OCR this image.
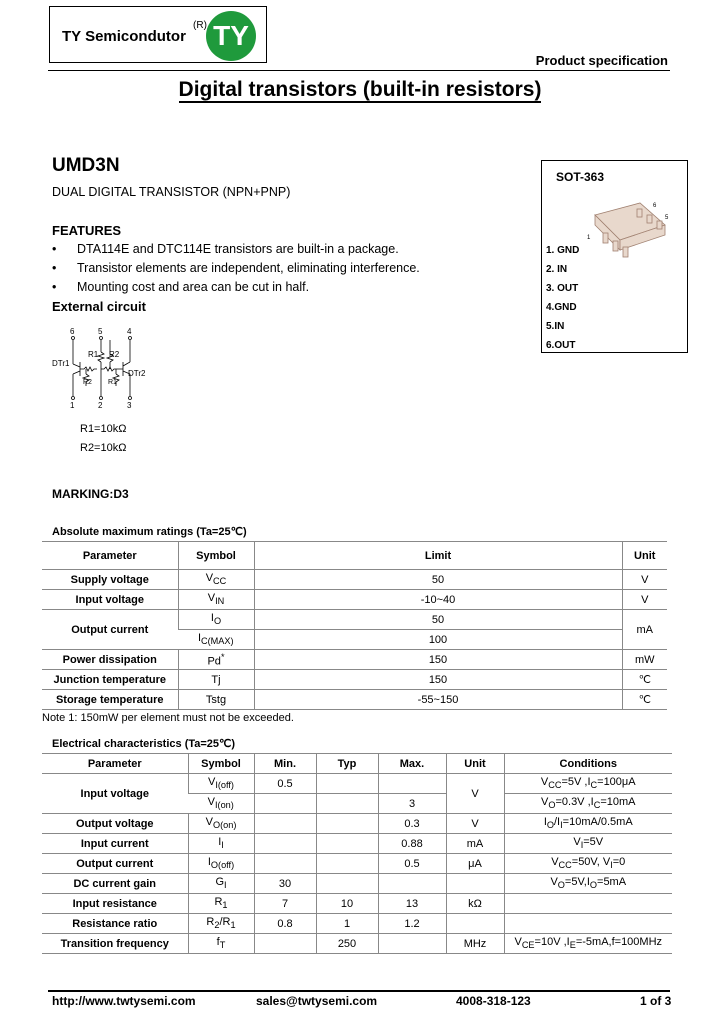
TY Semicondutor
(R) TY
Product specification
Digital transistors (built-in resistors)
UMD3N
DUAL DIGITAL TRANSISTOR (NPN+PNP)
FEATURES
• DTA114E and DTC114E transistors are built-in a package.
• Transistor elements are independent, eliminating interference.
• Mounting cost and area can be cut in half.
External circuit
6	5	4
1	2	3
DTr1
DTr2
R1 R2
R2 R1
R1=10kΩ
R2=10kΩ
SOT-363
6
5
1
1. GND
2. IN
3. OUT
4.GND
5.IN
6.OUT
MARKING:D3
Absolute maximum ratings (Ta=25℃)
Parameter	Symbol	Limit	Unit
Supply voltage	$V_{CC}$	50	V
Input voltage	$V_{IN}$	-10~40	V
Output current	$I_O$	50	mA
	$I_{C(MAX)}$	100	
Power dissipation	Pd*	150	mW
Junction temperature	Tj	150	℃
Storage temperature	Tstg	-55~150	℃
Note 1: 150mW per element must not be exceeded.
Electrical characteristics (Ta=25℃)
Parameter	Symbol	Min.	Typ	Max.	Unit	Conditions
Input voltage	$V_{I(off)}$	0.5			V	$V_{CC}=5V$ $,I_C=100\mu A$
	$V_{I(on)}$			3		$V_O=0.3V$ $,I_C=10mA$
Output voltage	$V_{O(on)}$			0.3	V	$I_O/I_I=10mA/0.5mA$
Input current	$I_I$			0.88	mA	$V_I=5V$
Output current	$I_{O(off)}$			0.5	μA	$V_{CC}=50V$, $V_I=0$
DC current gain	$G_I$	30				$V_O=5V,I_O=5mA$
Input resistance	$R_1$	7	10	13	kΩ	
Resistance ratio	$R_2/R_1$	0.8	1	1.2		
Transition frequency	$f_T$		250		MHz	$V_{CE}=10V$ $,I_E=-5mA,f=100MHz$
http://www.twtysemi.com	sales@twtysemi.com	4008-318-123	1 of 3
